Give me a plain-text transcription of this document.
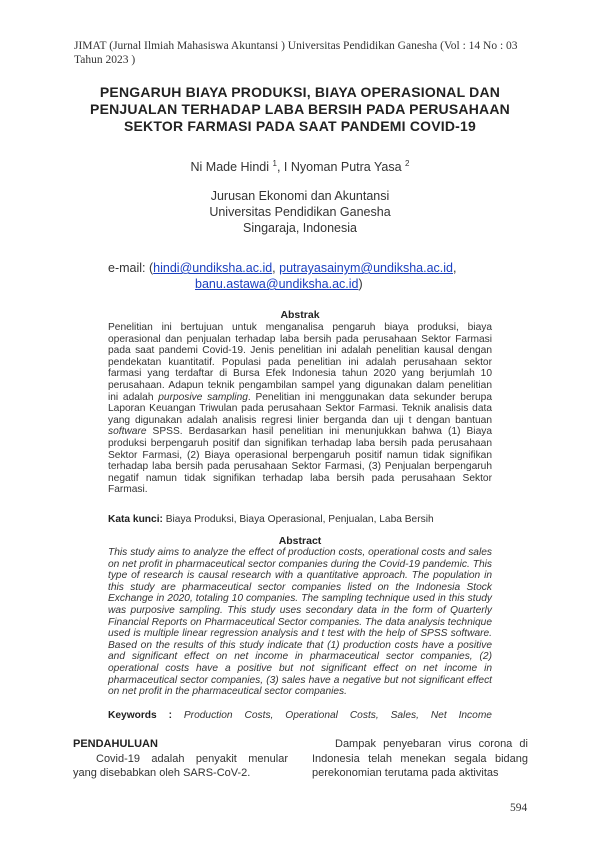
JIMAT (Jurnal Ilmiah Mahasiswa Akuntansi ) Universitas Pendidikan Ganesha (Vol : 14 No : 03 Tahun 2023 )
PENGARUH BIAYA PRODUKSI, BIAYA OPERASIONAL DAN
PENJUALAN TERHADAP LABA BERSIH PADA PERUSAHAAN
SEKTOR FARMASI PADA SAAT PANDEMI COVID-19
Ni Made Hindi $^1$, I Nyoman Putra Yasa $^2$
Jurusan Ekonomi dan Akuntansi
Universitas Pendidikan Ganesha
Singaraja, Indonesia
e-mail: (hindi@undiksha.ac.id, putrayasainym@undiksha.ac.id,
banu.astawa@undiksha.ac.id)
Abstrak
Penelitian ini bertujuan untuk menganalisa pengaruh biaya produksi, biaya operasional dan penjualan terhadap laba bersih pada perusahaan Sektor Farmasi pada saat pandemi Covid-19. Jenis penelitian ini adalah penelitian kausal dengan pendekatan kuantitatif. Populasi pada penelitian ini adalah perusahaan sektor farmasi yang terdaftar di Bursa Efek Indonesia tahun 2020 yang berjumlah 10 perusahaan. Adapun teknik pengambilan sampel yang digunakan dalam penelitian ini adalah purposive sampling. Penelitian ini menggunakan data sekunder berupa Laporan Keuangan Triwulan pada perusahaan Sektor Farmasi. Teknik analisis data yang digunakan adalah analisis regresi linier berganda dan uji t dengan bantuan software SPSS. Berdasarkan hasil penelitian ini menunjukkan bahwa (1) Biaya produksi berpengaruh positif dan signifikan terhadap laba bersih pada perusahaan Sektor Farmasi, (2) Biaya operasional berpengaruh positif namun tidak signifikan terhadap laba bersih pada perusahaan Sektor Farmasi, (3) Penjualan berpengaruh negatif namun tidak signifikan terhadap laba bersih pada perusahaan Sektor Farmasi.
Kata kunci: Biaya Produksi, Biaya Operasional, Penjualan, Laba Bersih
Abstract
This study aims to analyze the effect of production costs, operational costs and sales on net profit in pharmaceutical sector companies during the Covid-19 pandemic. This type of research is causal research with a quantitative approach. The population in this study are pharmaceutical sector companies listed on the Indonesia Stock Exchange in 2020, totaling 10 companies. The sampling technique used in this study was purposive sampling. This study uses secondary data in the form of Quarterly Financial Reports on Pharmaceutical Sector companies. The data analysis technique used is multiple linear regression analysis and t test with the help of SPSS software. Based on the results of this study indicate that (1) production costs have a positive and significant effect on net income in pharmaceutical sector companies, (2) operational costs have a positive but not significant effect on net income in pharmaceutical sector companies, (3) sales have a negative but not significant effect on net profit in the pharmaceutical sector companies.
Keywords : Production Costs, Operational Costs, Sales, Net Income
PENDAHULUAN
Covid-19 adalah penyakit menular yang disebabkan oleh SARS-CoV-2.
Dampak penyebaran virus corona di Indonesia telah menekan segala bidang perekonomian terutama pada aktivitas
594
